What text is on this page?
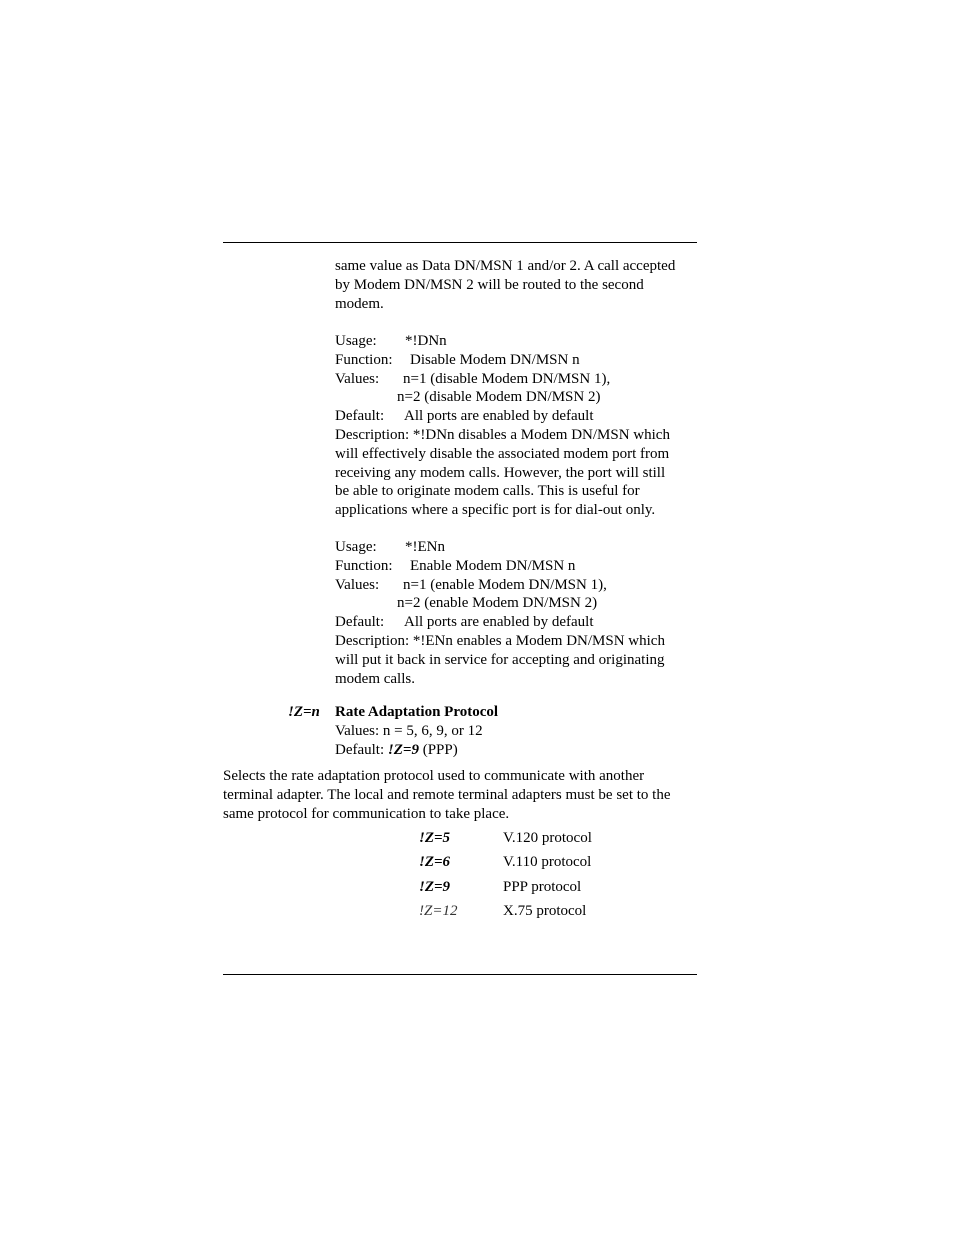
same value as Data DN/MSN 1 and/or 2. A call accepted
by Modem DN/MSN 2 will be routed to the second
modem.
Usage: *!DNn
Function: Disable Modem DN/MSN n
Values: n=1 (disable Modem DN/MSN 1),
n=2 (disable Modem DN/MSN 2)
Default: All ports are enabled by default
Description: *!DNn disables a Modem DN/MSN which
will effectively disable the associated modem port from
receiving any modem calls. However, the port will still
be able to originate modem calls. This is useful for
applications where a specific port is for dial-out only.
Usage: *!ENn
Function: Enable Modem DN/MSN n
Values: n=1 (enable Modem DN/MSN 1),
n=2 (enable Modem DN/MSN 2)
Default: All ports are enabled by default
Description: *!ENn enables a Modem DN/MSN which
will put it back in service for accepting and originating
modem calls.
!Z=n Rate Adaptation Protocol
Values: n = 5, 6, 9, or 12
Default: !Z=9 (PPP)
Selects the rate adaptation protocol used to communicate with another
terminal adapter. The local and remote terminal adapters must be set to the
same protocol for communication to take place.
!Z=5	V.120 protocol
!Z=6	V.110 protocol
!Z=9	PPP protocol
!Z=12	X.75 protocol
